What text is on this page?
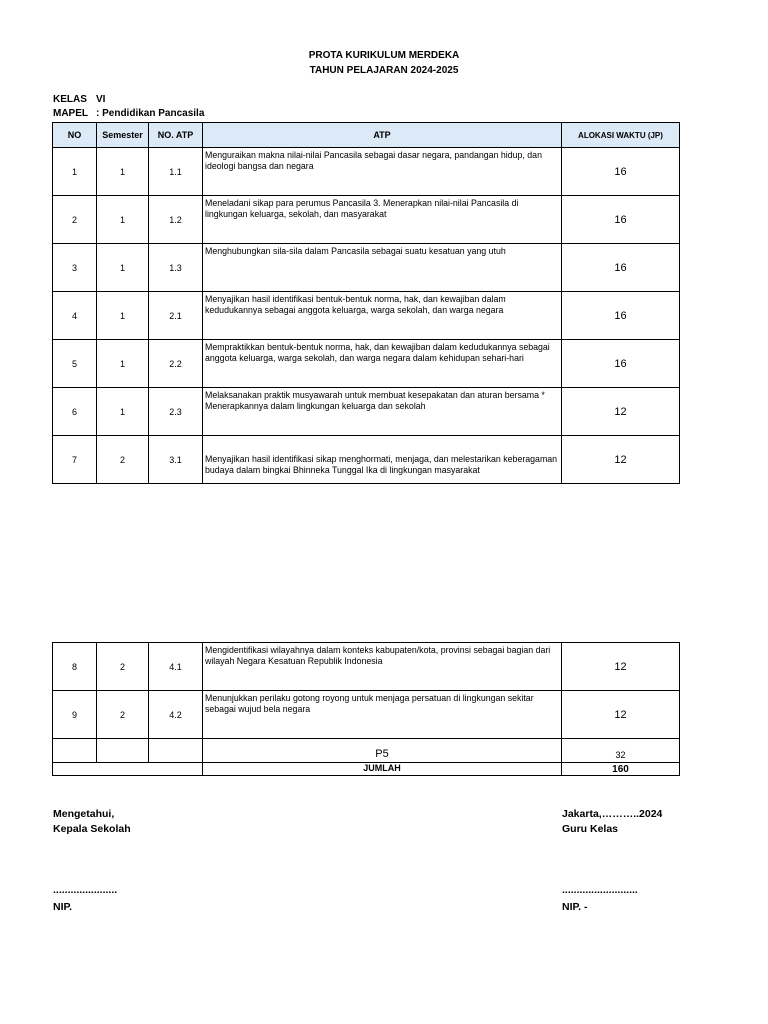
PROTA KURIKULUM MERDEKA
TAHUN PELAJARAN 2024-2025
KELAS VI
MAPEL : Pendidikan Pancasila
NO	Semester	NO. ATP	ATP	ALOKASI WAKTU (JP)
1	1	1.1	Menguraikan makna nilai-nilai Pancasila sebagai dasar negara, pandangan hidup, dan ideologi bangsa dan negara	16
2	1	1.2	Meneladani sikap para perumus Pancasila 3. Menerapkan nilai-nilai Pancasila di lingkungan keluarga, sekolah, dan masyarakat	16
3	1	1.3	Menghubungkan sila-sila dalam Pancasila sebagai suatu kesatuan yang utuh	16
4	1	2.1	Menyajikan hasil identifikasi bentuk-bentuk norma, hak, dan kewajiban dalam kedudukannya sebagai anggota keluarga, warga sekolah, dan warga negara	16
5	1	2.2	Mempraktikkan bentuk-bentuk norma, hak, dan kewajiban dalam kedudukannya sebagai anggota keluarga, warga sekolah, dan warga negara dalam kehidupan sehari-hari	16
6	1	2.3	Melaksanakan praktik musyawarah untuk membuat kesepakatan dan aturan bersama * Menerapkannya dalam lingkungan keluarga dan sekolah	12
7	2	3.1	Menyajikan hasil identifikasi sikap menghormati, menjaga, dan melestarikan keberagaman budaya dalam bingkai Bhinneka Tunggal Ika di lingkungan masyarakat	12
8	2	4.1	Mengidentifikasi wilayahnya dalam konteks kabupaten/kota, provinsi sebagai bagian dari wilayah Negara Kesatuan Republik Indonesia	12
9	2	4.2	Menunjukkan perilaku gotong royong untuk menjaga persatuan di lingkungan sekitar sebagai wujud bela negara	12
			P5	32
			JUMLAH	160
Mengetahui,
Kepala Sekolah
......................
NIP.
Jakarta,………..2024
Guru Kelas
..........................
NIP. -
